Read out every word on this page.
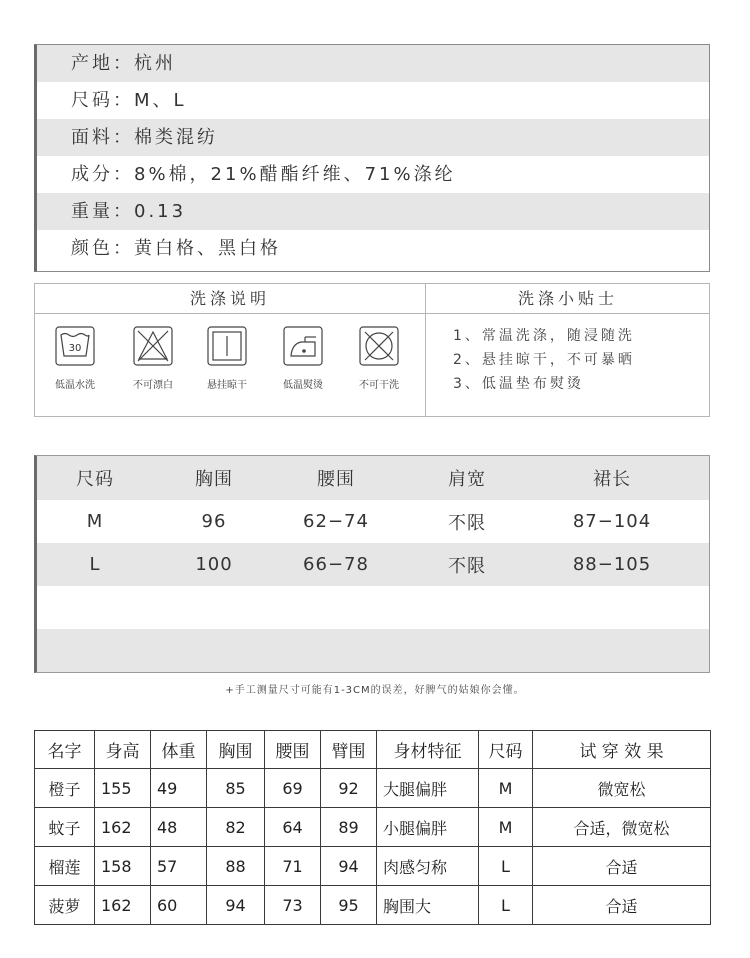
产地：杭州
尺码：M、L
面料：棉类混纺
成分：8%棉，21%醋酯纤维、71%涤纶
重量：0.13
颜色：黄白格、黑白格
洗涤说明	洗涤小贴士
30
低温水洗	不可漂白	悬挂晾干	低温熨烫	不可干洗
1、常温洗涤，随浸随洗
2、悬挂晾干，不可暴晒
3、低温垫布熨烫
尺码	胸围	腰围	肩宽	裙长
M	96	62−74	不限	87−104
L	100	66−78	不限	88−105
+手工测量尺寸可能有1-3CM的误差，好脾气的姑娘你会懂。
名字	身高	体重	胸围	腰围	臂围	身材特征	尺码	试 穿 效 果
橙子	155	49	85	69	92	大腿偏胖	M	微宽松
蚊子	162	48	82	64	89	小腿偏胖	M	合适，微宽松
榴莲	158	57	88	71	94	肉感匀称	L	合适
菠萝	162	60	94	73	95	胸围大	L	合适
